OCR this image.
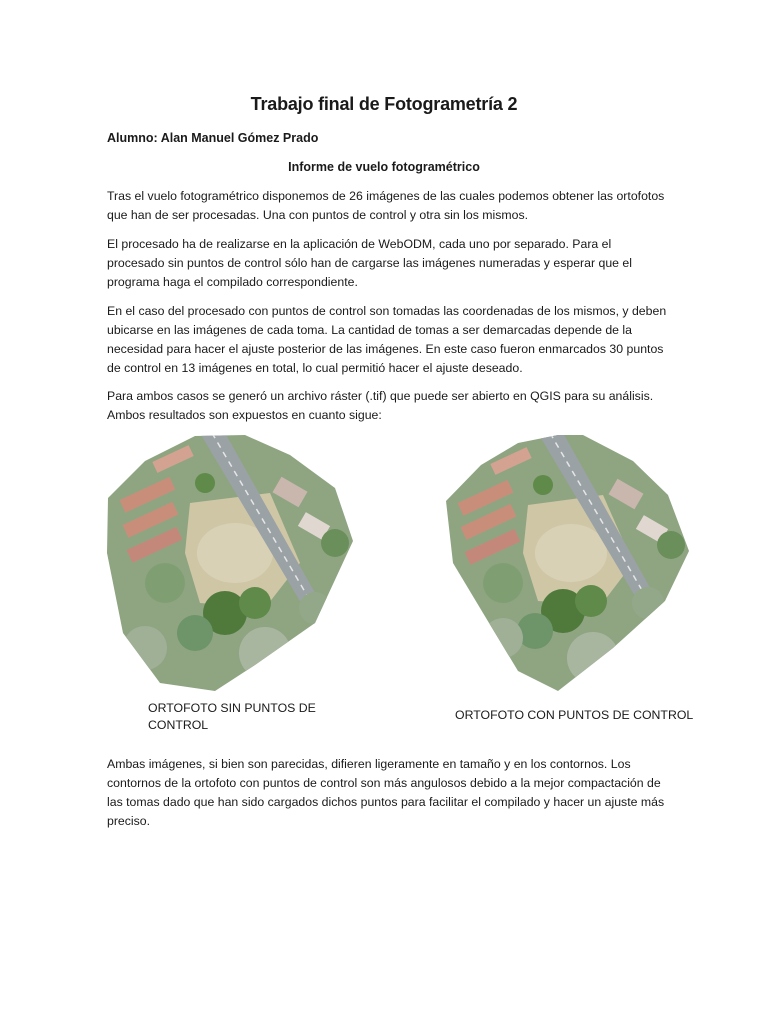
Trabajo final de Fotogrametría 2
Alumno: Alan Manuel Gómez Prado
Informe de vuelo fotogramétrico

Tras el vuelo fotogramétrico disponemos de 26 imágenes de las cuales podemos obtener las ortofotos que han de ser procesadas. Una con puntos de control y otra sin los mismos.

El procesado ha de realizarse en la aplicación de WebODM, cada uno por separado. Para el procesado sin puntos de control sólo han de cargarse las imágenes numeradas y esperar que el programa haga el compilado correspondiente.

En el caso del procesado con puntos de control son tomadas las coordenadas de los mismos, y deben ubicarse en las imágenes de cada toma. La cantidad de tomas a ser demarcadas depende de la necesidad para hacer el ajuste posterior de las imágenes. En este caso fueron enmarcados 30 puntos de control en 13 imágenes en total, lo cual permitió hacer el ajuste deseado.

Para ambos casos se generó un archivo ráster (.tif) que puede ser abierto en QGIS para su análisis. Ambos resultados son expuestos en cuanto sigue:

ORTOFOTO SIN PUNTOS DE CONTROL
ORTOFOTO CON PUNTOS DE CONTROL

Ambas imágenes, si bien son parecidas, difieren ligeramente en tamaño y en los contornos. Los contornos de la ortofoto con puntos de control son más angulosos debido a la mejor compactación de las tomas dado que han sido cargados dichos puntos para facilitar el compilado y hacer un ajuste más preciso.
